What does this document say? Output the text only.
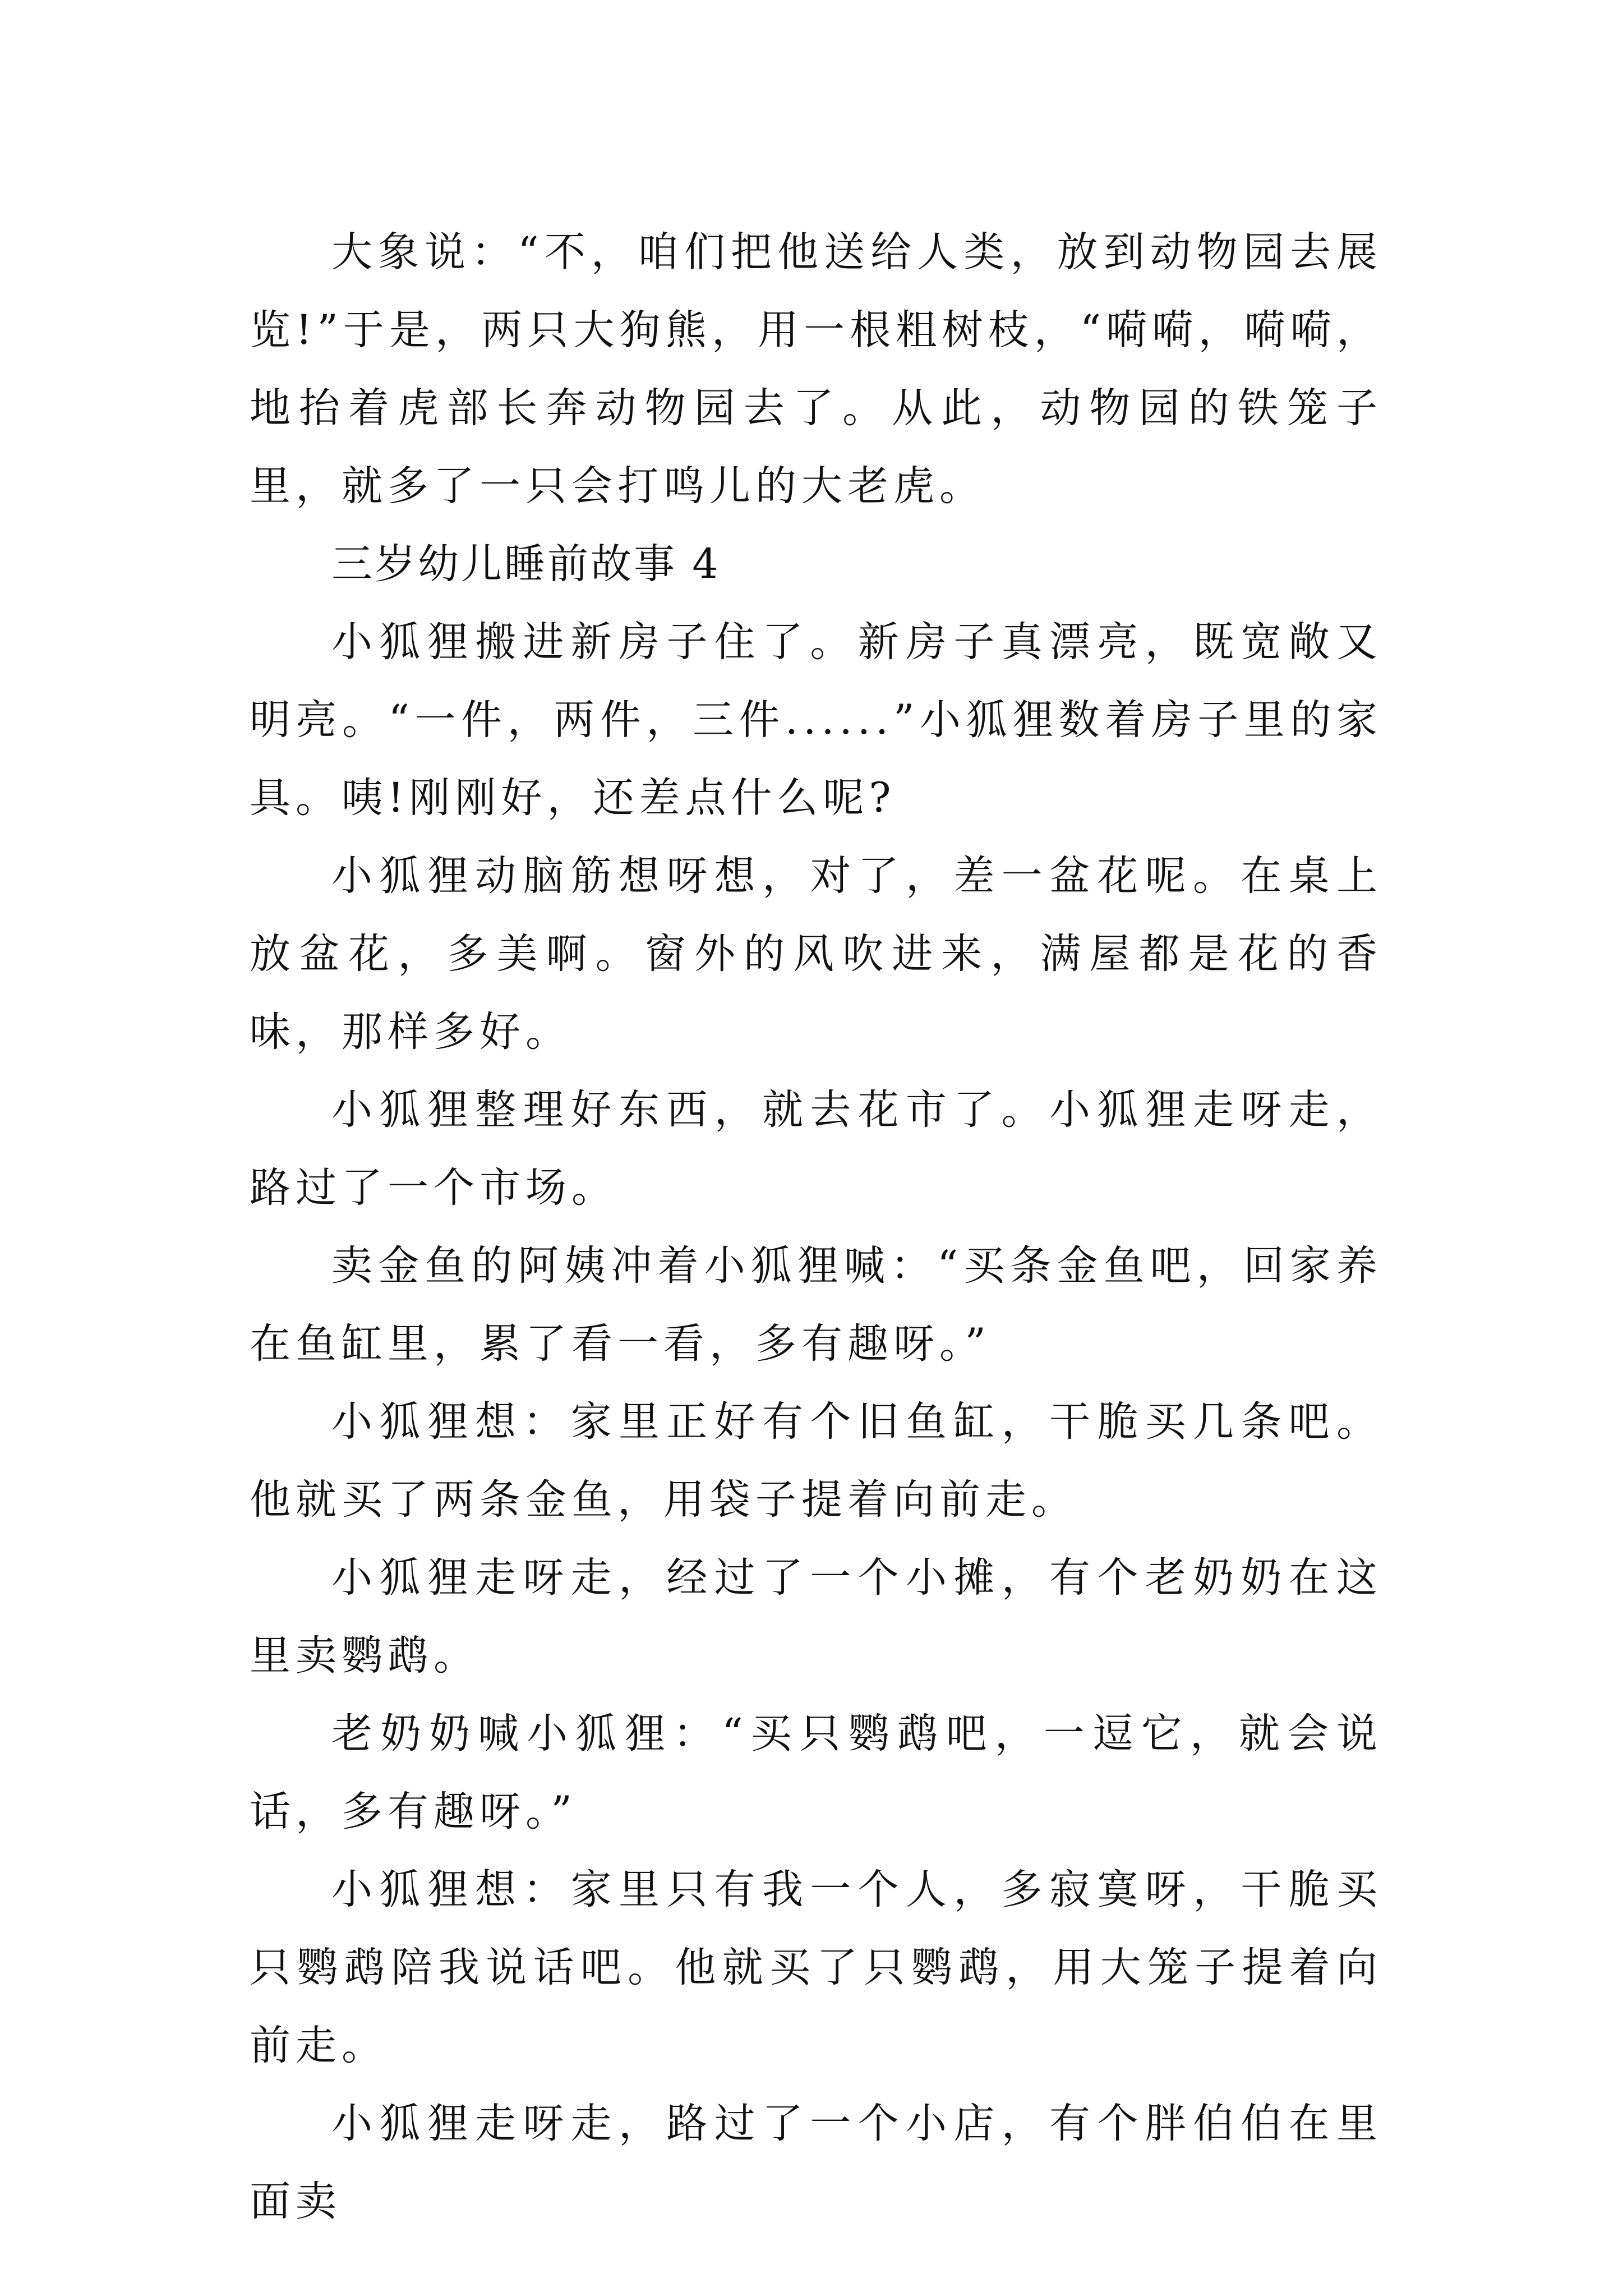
大象说：“不，咱们把他送给人类，放到动物园去展览!”于是，两只大狗熊，用一根粗树枝，“嗬嗬，嗬嗬，地抬着虎部长奔动物园去了。从此，动物园的铁笼子里，就多了一只会打鸣儿的大老虎。

三岁幼儿睡前故事 4

小狐狸搬进新房子住了。新房子真漂亮，既宽敞又明亮。“一件，两件，三件......”小狐狸数着房子里的家具。咦!刚刚好，还差点什么呢?

小狐狸动脑筋想呀想，对了，差一盆花呢。在桌上放盆花，多美啊。窗外的风吹进来，满屋都是花的香味，那样多好。

小狐狸整理好东西，就去花市了。小狐狸走呀走，路过了一个市场。

卖金鱼的阿姨冲着小狐狸喊：“买条金鱼吧，回家养在鱼缸里，累了看一看，多有趣呀。”

小狐狸想：家里正好有个旧鱼缸，干脆买几条吧。他就买了两条金鱼，用袋子提着向前走。

小狐狸走呀走，经过了一个小摊，有个老奶奶在这里卖鹦鹉。

老奶奶喊小狐狸：“买只鹦鹉吧，一逗它，就会说话，多有趣呀。”

小狐狸想：家里只有我一个人，多寂寞呀，干脆买只鹦鹉陪我说话吧。他就买了只鹦鹉，用大笼子提着向前走。

小狐狸走呀走，路过了一个小店，有个胖伯伯在里面卖
